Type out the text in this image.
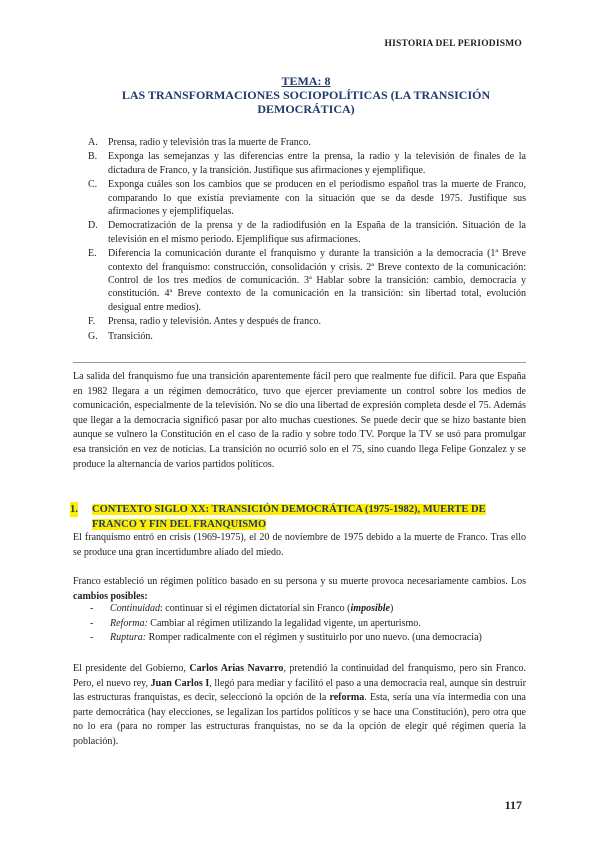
HISTORIA DEL PERIODISMO
TEMA: 8
LAS TRANSFORMACIONES SOCIOPOLÍTICAS (LA TRANSICIÓN
DEMOCRÁTICA)
A. Prensa, radio y televisión tras la muerte de Franco.
B. Exponga las semejanzas y las diferencias entre la prensa, la radio y la televisión de finales de la dictadura de Franco, y la transición. Justifique sus afirmaciones y ejemplifique.
C. Exponga cuáles son los cambios que se producen en el periodismo español tras la muerte de Franco, comparando lo que existía previamente con la situación que se da desde 1975. Justifique sus afirmaciones y ejemplifíquelas.
D. Democratización de la prensa y de la radiodifusión en la España de la transición. Situación de la televisión en el mismo periodo. Ejemplifique sus afirmaciones.
E. Diferencia la comunicación durante el franquismo y durante la transición a la democracia (1ª Breve contexto del franquismo: construcción, consolidación y crisis. 2ª Breve contexto de la comunicación: Control de los tres medios de comunicación. 3ª Hablar sobre la transición: cambio, democracia y constitución. 4ª Breve contexto de la comunicación en la transición: sin libertad total, evolución desigual entre medios).
F. Prensa, radio y televisión. Antes y después de franco.
G. Transición.

La salida del franquismo fue una transición aparentemente fácil pero que realmente fue difícil. Para que España en 1982 llegara a un régimen democrático, tuvo que ejercer previamente un control sobre los medios de comunicación, especialmente de la televisión. No se dio una libertad de expresión completa desde el 75. Además que llegar a la democracia significó pasar por alto muchas cuestiones. Se puede decir que se hizo bastante bien aunque se vulnero la Constitución en el caso de la radio y sobre todo TV. Porque la TV se usó para promulgar esa transición en vez de noticias. La transición no ocurrió solo en el 75, sino cuando llega Felipe Gonzalez y se produce la alternancia de varios partidos políticos.

1. CONTEXTO SIGLO XX: TRANSICIÓN DEMOCRÁTICA (1975-1982), MUERTE DE
FRANCO Y FIN DEL FRANQUISMO

El franquismo entró en crisis (1969-1975), el 20 de noviembre de 1975 debido a la muerte de Franco. Tras ello se produce una gran incertidumbre aliado del miedo.

Franco estableció un régimen político basado en su persona y su muerte provoca necesariamente cambios. Los cambios posibles:

- Continuidad: continuar si el régimen dictatorial sin Franco (imposible)
- Reforma: Cambiar al régimen utilizando la legalidad vigente, un aperturismo.
- Ruptura: Romper radicalmente con el régimen y sustituirlo por uno nuevo. (una democracia)

El presidente del Gobierno, Carlos Arias Navarro, pretendió la continuidad del franquismo, pero sin Franco. Pero, el nuevo rey, Juan Carlos I, llegó para mediar y facilitó el paso a una democracia real, aunque sin destruir las estructuras franquistas, es decir, seleccionó la opción de la reforma. Esta, sería una vía intermedia con una parte democrática (hay elecciones, se legalizan los partidos políticos y se hace una Constitución), pero otra que no lo era (para no romper las estructuras franquistas, no se da la opción de elegir qué régimen quería la población).

117
